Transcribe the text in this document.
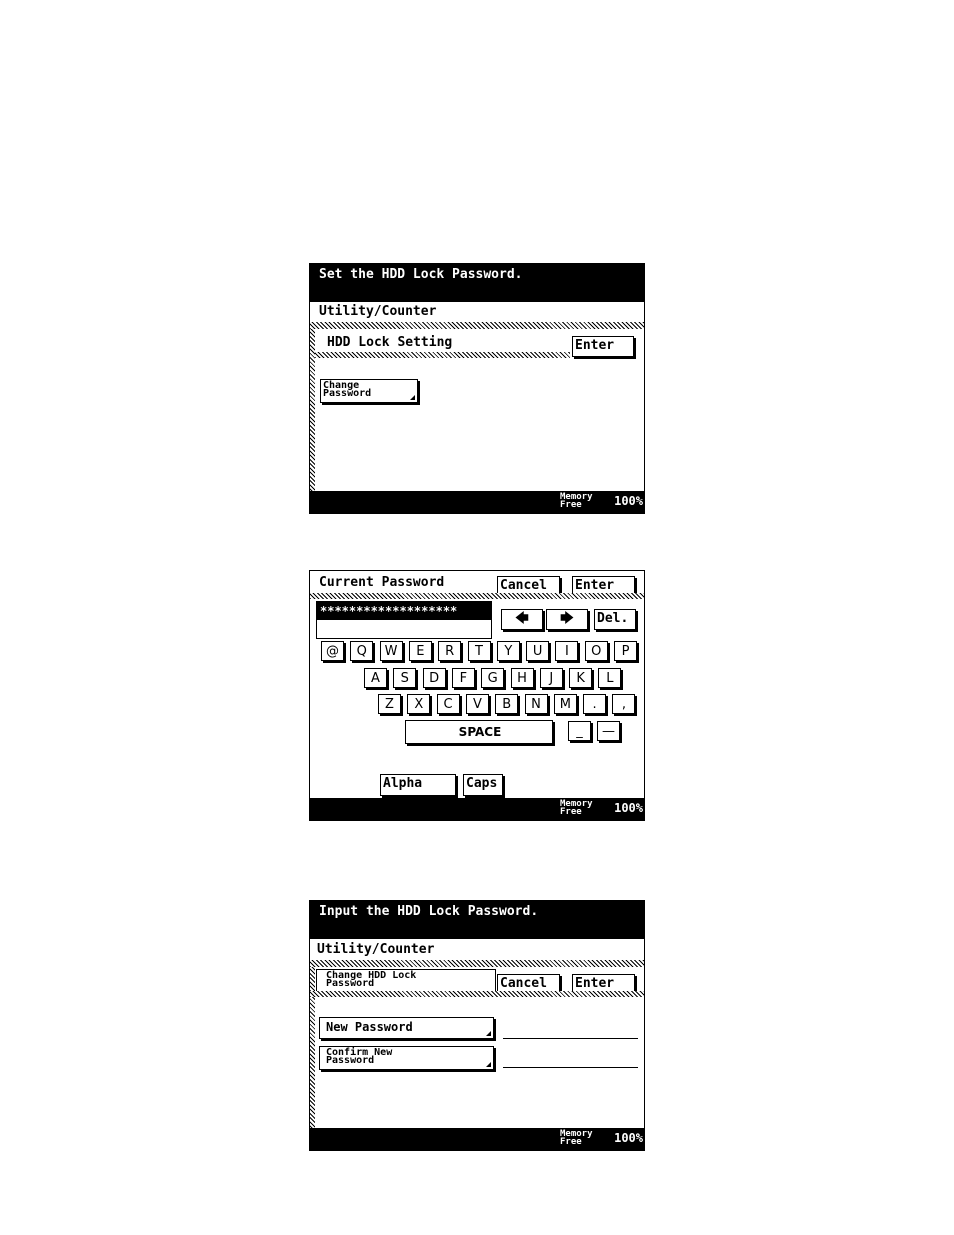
Set the HDD Lock Password.
Utility/Counter
HDD Lock Setting	Enter
Change
Password
Memory
Free	100%
Current Password	Cancel	Enter
*******************	🡄	🡆	Del.
@	Q	W	E	R	T	Y	U	I	O	P
A	S	D	F	G	H	J	K	L
Z	X	C	V	B	N	M	.	,
SPACE	_	—
Alpha	Caps
Memory
Free	100%
Input the HDD Lock Password.
Utility/Counter
Change HDD Lock
Password	Cancel	Enter
New Password
Confirm New
Password
Memory
Free	100%
